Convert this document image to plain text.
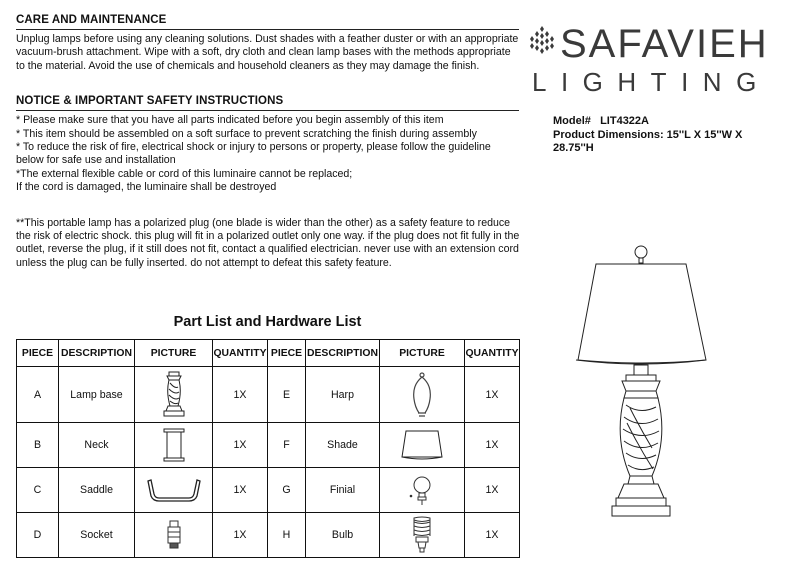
CARE AND MAINTENANCE

Unplug lamps before using any cleaning solutions. Dust shades with a feather duster or with an appropriate
vacuum-brush attachment. Wipe with a soft, dry cloth and clean lamp bases with the methods appropriate
to the material. Avoid the use of chemicals and household cleaners as they may damage the finish.

NOTICE & IMPORTANT SAFETY INSTRUCTIONS

* Please make sure that you have all parts indicated before you begin assembly of this item
* This item should be assembled on a soft surface to prevent scratching the finish during assembly
* To reduce the risk of fire, electrical shock or injury to persons or property, please follow the guideline
below for safe use and installation
*The external flexible cable or cord of this luminaire cannot be replaced;
If the cord is damaged, the luminaire shall be destroyed

**This portable lamp has a polarized plug (one blade is wider than the other) as a safety feature to reduce
the risk of electric shock. this plug will fit in a polarized outlet only one way. if the plug does not fit fully in the
outlet, reverse the plug, if it still does not fit, contact a qualified electrician. never use with an extension cord
unless the plug can be fully inserted. do not attempt to defeat this safety feature.

Part List and Hardware List
PIECE	DESCRIPTION	PICTURE	QUANTITY	PIECE	DESCRIPTION	PICTURE	QUANTITY
A	Lamp base		1X	E	Harp		1X
B	Neck		1X	F	Shade		1X
C	Saddle		1X	G	Finial		1X
D	Socket		1X	H	Bulb		1X
SAFAVIEH
LIGHTING
Model# LIT4322A
Product Dimensions: 15''L X 15''W X
28.75''H
